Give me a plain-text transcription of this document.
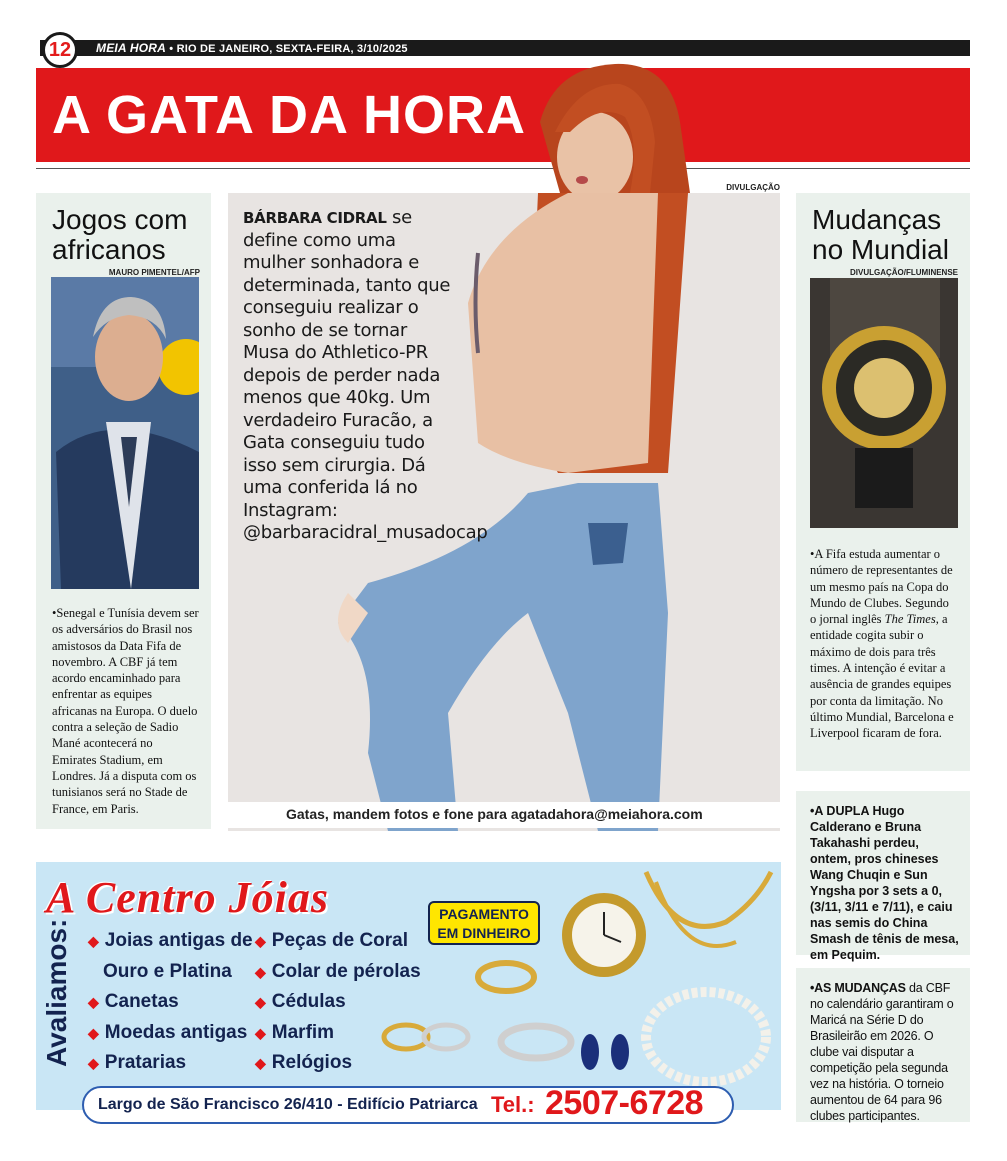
12	MEIA HORA • RIO DE JANEIRO, SEXTA-FEIRA, 3/10/2025
A GATA DA HORA
Jogos com
africanos
MAURO PIMENTEL/AFP
•Senegal e Tunísia devem ser os adversários do Brasil nos amistosos da Data Fifa de novembro. A CBF já tem acordo encaminhado para enfrentar as equipes africanas na Europa. O duelo contra a seleção de Sadio Mané acontecerá no Emirates Stadium, em Londres. Já a disputa com os tunisianos será no Stade de France, em Paris.
DIVULGAÇÃO
BÁRBARA CIDRAL se define como uma mulher sonhadora e determinada, tanto que conseguiu realizar o sonho de se tornar Musa do Athletico-PR depois de perder nada menos que 40kg. Um verdadeiro Furacão, a Gata conseguiu tudo isso sem cirurgia. Dá uma conferida lá no Instagram: @barbaracidral_musadocap
Gatas, mandem fotos e fone para agatadahora@meiahora.com
Mudanças
no Mundial
DIVULGAÇÃO/FLUMINENSE
•A Fifa estuda aumentar o número de representantes de um mesmo país na Copa do Mundo de Clubes. Segundo o jornal inglês The Times, a entidade cogita subir o máximo de dois para três times. A intenção é evitar a ausência de grandes equipes por conta da limitação. No último Mundial, Barcelona e Liverpool ficaram de fora.
•A DUPLA Hugo Calderano e Bruna Takahashi perdeu, ontem, pros chineses Wang Chuqin e Sun Yngsha por 3 sets a 0, (3/11, 3/11 e 7/11), e caiu nas semis do China Smash de tênis de mesa, em Pequim.
•AS MUDANÇAS da CBF no calendário garantiram o Maricá na Série D do Brasileirão em 2026. O clube vai disputar a competição pela segunda vez na história. O torneio aumentou de 64 para 96 clubes participantes.
A Centro Jóias
Avaliamos: ◆ Joias antigas de
Ouro e Platina
◆ Canetas
◆ Moedas antigas
◆ Pratarias
◆ Peças de Coral
◆ Colar de pérolas
◆ Cédulas
◆ Marfim
◆ Relógios
PAGAMENTO EM DINHEIRO
Largo de São Francisco 26/410 - Edifício Patriarca Tel.: 2507-6728
